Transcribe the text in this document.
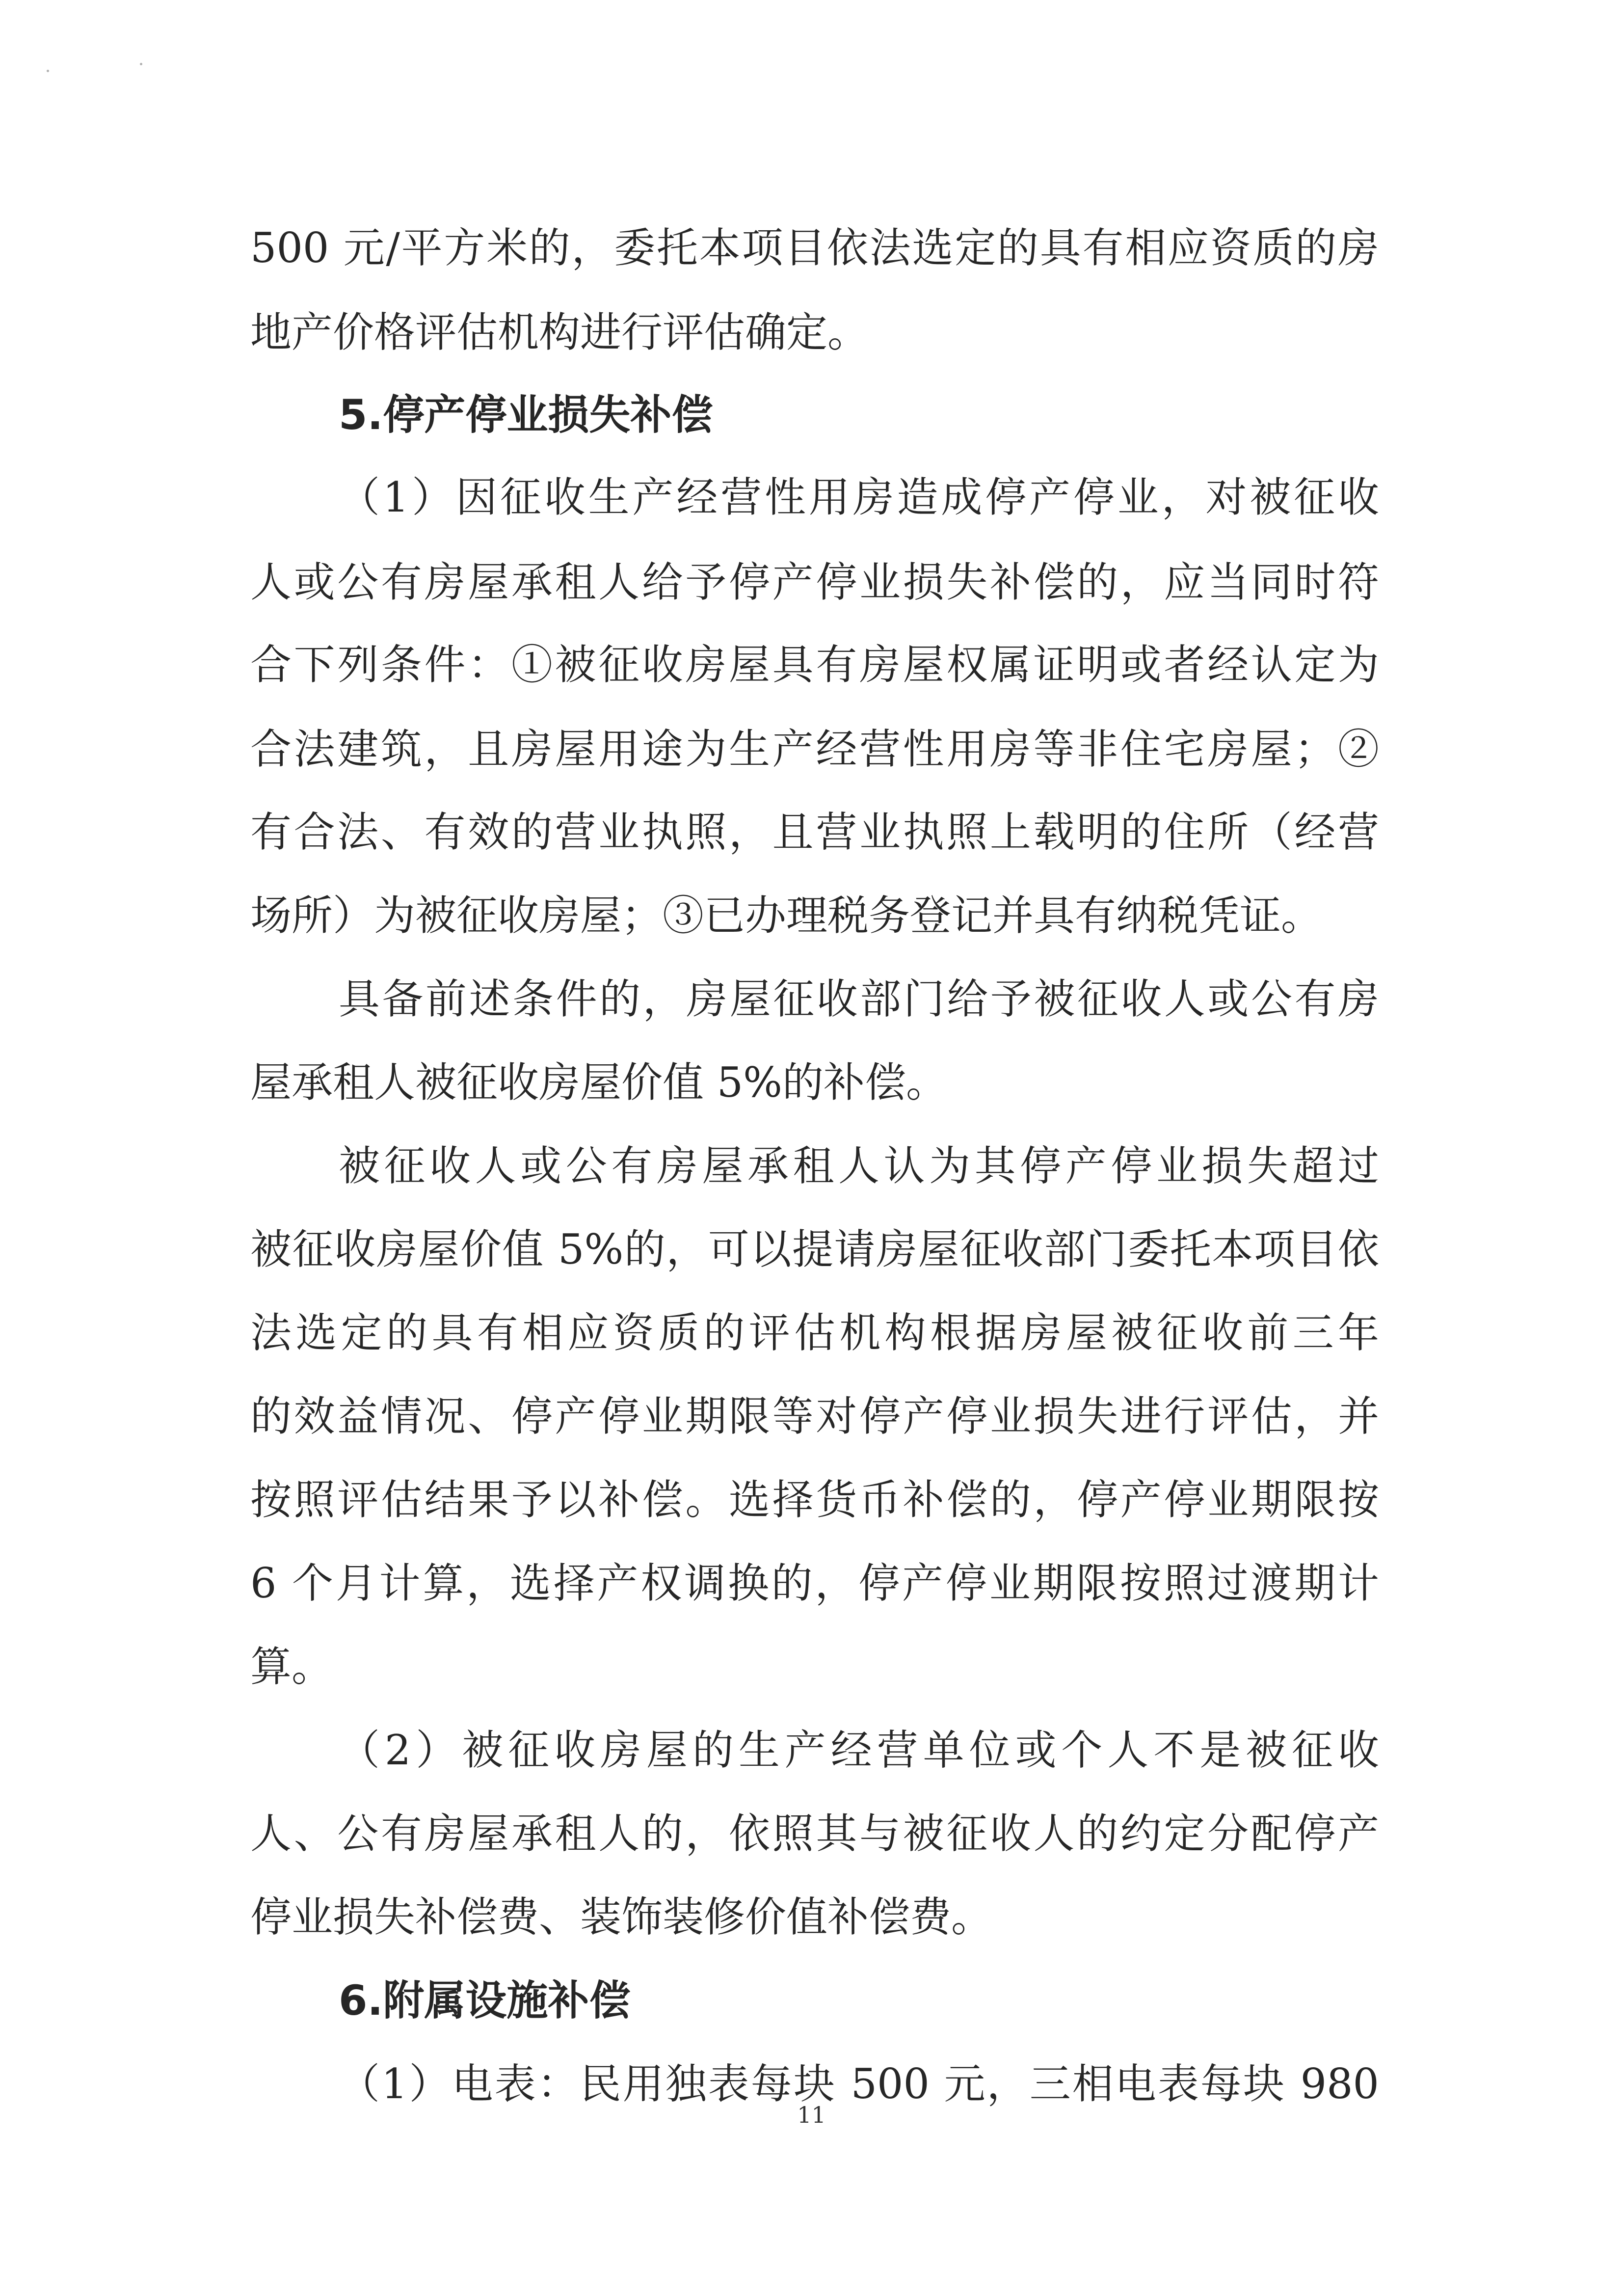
500 元/平方米的，委托本项目依法选定的具有相应资质的房
地产价格评估机构进行评估确定。
5.停产停业损失补偿
（1）因征收生产经营性用房造成停产停业，对被征收
人或公有房屋承租人给予停产停业损失补偿的，应当同时符
合下列条件：①被征收房屋具有房屋权属证明或者经认定为
合法建筑，且房屋用途为生产经营性用房等非住宅房屋；②
有合法、有效的营业执照，且营业执照上载明的住所（经营
场所）为被征收房屋；③已办理税务登记并具有纳税凭证。
具备前述条件的，房屋征收部门给予被征收人或公有房
屋承租人被征收房屋价值 5%的补偿。
被征收人或公有房屋承租人认为其停产停业损失超过
被征收房屋价值 5%的，可以提请房屋征收部门委托本项目依
法选定的具有相应资质的评估机构根据房屋被征收前三年
的效益情况、停产停业期限等对停产停业损失进行评估，并
按照评估结果予以补偿。选择货币补偿的，停产停业期限按
6 个月计算，选择产权调换的，停产停业期限按照过渡期计
算。
（2）被征收房屋的生产经营单位或个人不是被征收
人、公有房屋承租人的，依照其与被征收人的约定分配停产
停业损失补偿费、装饰装修价值补偿费。
6.附属设施补偿
（1）电表：民用独表每块 500 元，三相电表每块 980
11
